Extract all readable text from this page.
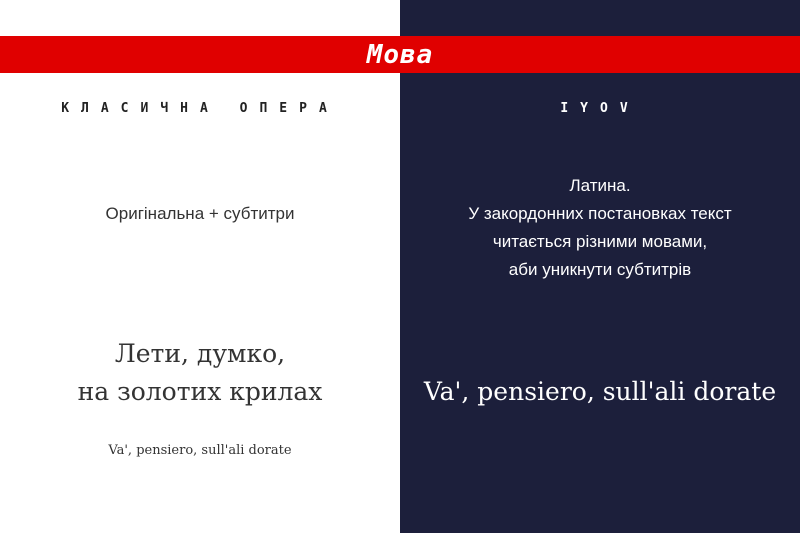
Мова
КЛАСИЧНА ОПЕРА
Оригінальна + субтитри
Лети, думко,
на золотих крилах
Va', pensiero, sull'ali dorate
IYOV
Латина.
У закордонних постановках текст
читається різними мовами,
аби уникнути субтитрів
Va', pensiero, sull'ali dorate
